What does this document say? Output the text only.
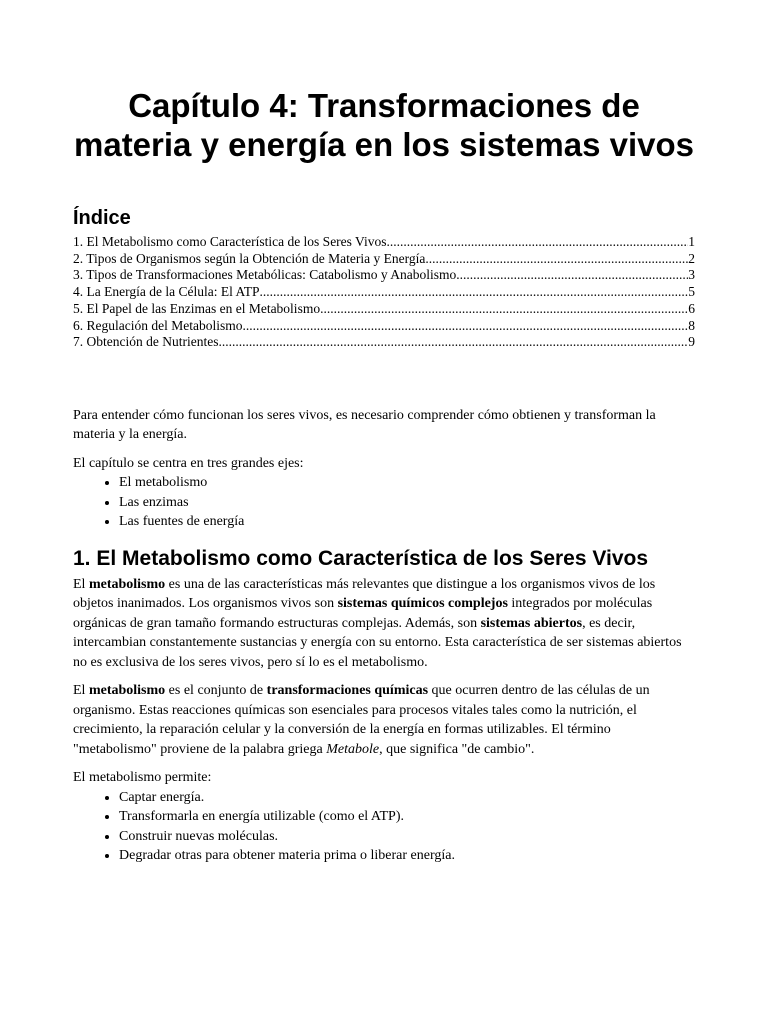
Capítulo 4: Transformaciones de materia y energía en los sistemas vivos
Índice
1. El Metabolismo como Característica de los Seres Vivos .....	1
2. Tipos de Organismos según la Obtención de Materia y Energía .....	2
3. Tipos de Transformaciones Metabólicas: Catabolismo y Anabolismo .....	3
4. La Energía de la Célula: El ATP .....	5
5. El Papel de las Enzimas en el Metabolismo .....	6
6. Regulación del Metabolismo .....	8
7. Obtención de Nutrientes .....	9

Para entender cómo funcionan los seres vivos, es necesario comprender cómo obtienen y transforman la materia y la energía.

El capítulo se centra en tres grandes ejes:

• El metabolismo
• Las enzimas
• Las fuentes de energía
1. El Metabolismo como Característica de los Seres Vivos

El metabolismo es una de las características más relevantes que distingue a los organismos vivos de los objetos inanimados. Los organismos vivos son sistemas químicos complejos integrados por moléculas orgánicas de gran tamaño formando estructuras complejas. Además, son sistemas abiertos, es decir, intercambian constantemente sustancias y energía con su entorno. Esta característica de ser sistemas abiertos no es exclusiva de los seres vivos, pero sí lo es el metabolismo.

El metabolismo es el conjunto de transformaciones químicas que ocurren dentro de las células de un organismo. Estas reacciones químicas son esenciales para procesos vitales tales como la nutrición, el crecimiento, la reparación celular y la conversión de la energía en formas utilizables. El término "metabolismo" proviene de la palabra griega Metabole, que significa "de cambio".

El metabolismo permite:

• Captar energía.
• Transformarla en energía utilizable (como el ATP).
• Construir nuevas moléculas.
• Degradar otras para obtener materia prima o liberar energía.
